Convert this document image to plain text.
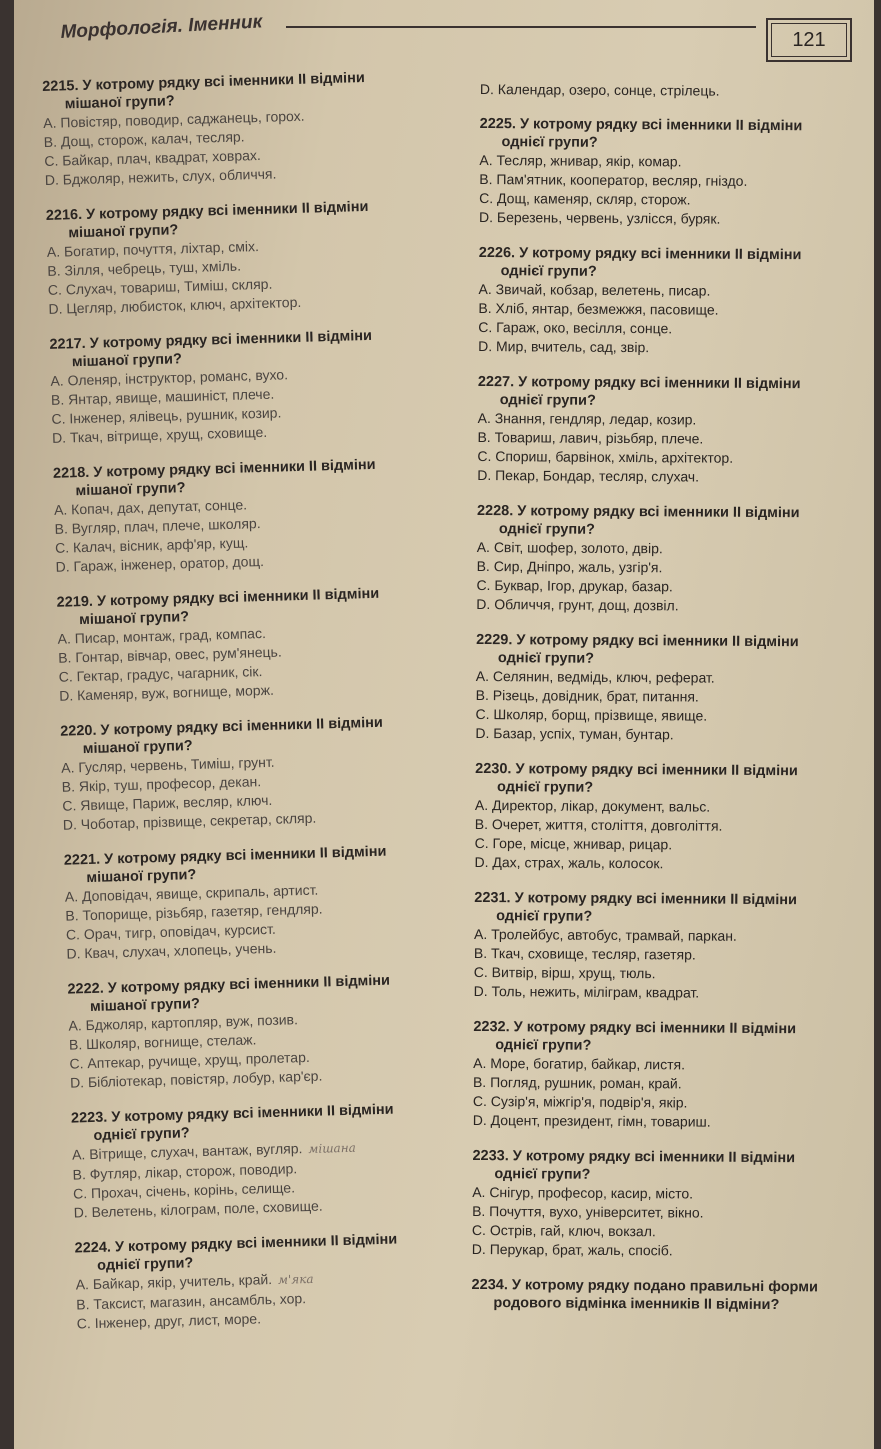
Морфологія. Іменник	121
2215. У котрому рядку всі іменники II відміни
мішаної групи?
A. Повістяр, поводир, саджанець, горох.
B. Дощ, сторож, калач, тесляр.
C. Байкар, плач, квадрат, ховрах.
D. Бджоляр, нежить, слух, обличчя.
2216. У котрому рядку всі іменники II відміни
мішаної групи?
A. Богатир, почуття, ліхтар, сміх.
B. Зілля, чебрець, туш, хміль.
C. Слухач, товариш, Тиміш, скляр.
D. Цегляр, любисток, ключ, архітектор.
2217. У котрому рядку всі іменники II відміни
мішаної групи?
A. Оленяр, інструктор, романс, вухо.
B. Янтар, явище, машиніст, плече.
C. Інженер, ялівець, рушник, козир.
D. Ткач, вітрище, хрущ, сховище.
2218. У котрому рядку всі іменники II відміни
мішаної групи?
A. Копач, дах, депутат, сонце.
B. Вугляр, плач, плече, школяр.
C. Калач, вісник, арф'яр, кущ.
D. Гараж, інженер, оратор, дощ.
2219. У котрому рядку всі іменники II відміни
мішаної групи?
A. Писар, монтаж, град, компас.
B. Гонтар, вівчар, овес, рум'янець.
C. Гектар, градус, чагарник, сік.
D. Каменяр, вуж, вогнище, морж.
2220. У котрому рядку всі іменники II відміни
мішаної групи?
A. Гусляр, червень, Тиміш, грунт.
B. Якір, туш, професор, декан.
C. Явище, Париж, весляр, ключ.
D. Чоботар, прізвище, секретар, скляр.
2221. У котрому рядку всі іменники II відміни
мішаної групи?
A. Доповідач, явище, скрипаль, артист.
B. Топорище, різьбяр, газетяр, гендляр.
C. Орач, тигр, оповідач, курсист.
D. Квач, слухач, хлопець, учень.
2222. У котрому рядку всі іменники II відміни
мішаної групи?
A. Бджоляр, картопляр, вуж, позив.
B. Школяр, вогнище, стелаж.
C. Аптекар, ручище, хрущ, пролетар.
D. Бібліотекар, повістяр, лобур, кар'єр.
2223. У котрому рядку всі іменники II відміни
однієї групи?
A. Вітрище, слухач, вантаж, вугляр. мішана
B. Футляр, лікар, сторож, поводир.
C. Прохач, січень, корінь, селище.
D. Велетень, кілограм, поле, сховище.
2224. У котрому рядку всі іменники II відміни
однієї групи?
A. Байкар, якір, учитель, край. м'яка
B. Таксист, магазин, ансамбль, хор.
C. Інженер, друг, лист, море.
D. Календар, озеро, сонце, стрілець.
2225. У котрому рядку всі іменники II відміни
однієї групи?
A. Тесляр, жнивар, якір, комар.
B. Пам'ятник, кооператор, весляр, гніздо.
C. Дощ, каменяр, скляр, сторож.
D. Березень, червень, узлісся, буряк.
2226. У котрому рядку всі іменники II відміни
однієї групи?
A. Звичай, кобзар, велетень, писар.
B. Хліб, янтар, безмежжя, пасовище.
C. Гараж, око, весілля, сонце.
D. Мир, вчитель, сад, звір.
2227. У котрому рядку всі іменники II відміни
однієї групи?
A. Знання, гендляр, ледар, козир.
B. Товариш, лавич, різьбяр, плече.
C. Спориш, барвінок, хміль, архітектор.
D. Пекар, Бондар, тесляр, слухач.
2228. У котрому рядку всі іменники II відміни
однієї групи?
A. Світ, шофер, золото, двір.
B. Сир, Дніпро, жаль, узгір'я.
C. Буквар, Ігор, друкар, базар.
D. Обличчя, грунт, дощ, дозвіл.
2229. У котрому рядку всі іменники II відміни
однієї групи?
A. Селянин, ведмідь, ключ, реферат.
B. Різець, довідник, брат, питання.
C. Школяр, борщ, прізвище, явище.
D. Базар, успіх, туман, бунтар.
2230. У котрому рядку всі іменники II відміни
однієї групи?
A. Директор, лікар, документ, вальс.
B. Очерет, життя, століття, довголіття.
C. Горе, місце, жнивар, рицар.
D. Дах, страх, жаль, колосок.
2231. У котрому рядку всі іменники II відміни
однієї групи?
A. Тролейбус, автобус, трамвай, паркан.
B. Ткач, сховище, тесляр, газетяр.
C. Витвір, вірш, хрущ, тюль.
D. Толь, нежить, міліграм, квадрат.
2232. У котрому рядку всі іменники II відміни
однієї групи?
A. Море, богатир, байкар, листя.
B. Погляд, рушник, роман, край.
C. Сузір'я, міжгір'я, подвір'я, якір.
D. Доцент, президент, гімн, товариш.
2233. У котрому рядку всі іменники II відміни
однієї групи?
A. Снігур, професор, касир, місто.
B. Почуття, вухо, університет, вікно.
C. Острів, гай, ключ, вокзал.
D. Перукар, брат, жаль, спосіб.
2234. У котрому рядку подано правильні форми
родового відмінка іменників II відміни?
